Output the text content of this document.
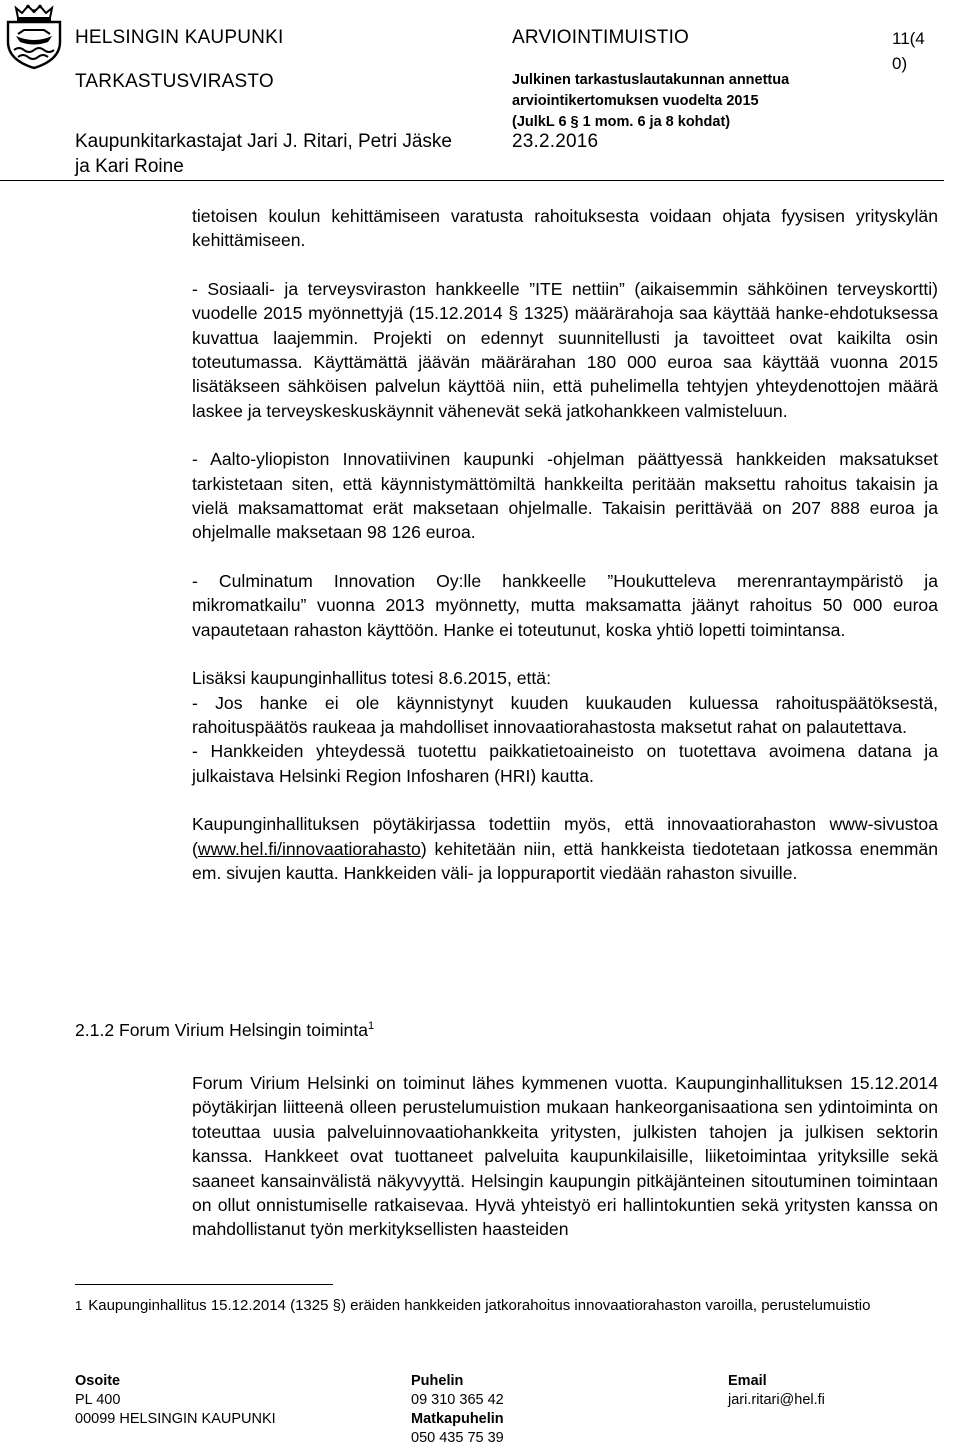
HELSINGIN KAUPUNKI
TARKASTUSVIRASTO
Kaupunkitarkastajat Jari J. Ritari, Petri Jäske ja Kari Roine
ARVIOINTIMUISTIO
Julkinen tarkastuslautakunnan annettua
arviointikertomuksen vuodelta 2015
(JulkL 6 § 1 mom. 6 ja 8 kohdat)
23.2.2016
11(40)

tietoisen koulun kehittämiseen varatusta rahoituksesta voidaan ohjata fyysisen yrityskylän kehittämiseen.

- Sosiaali- ja terveysviraston hankkeelle ”ITE nettiin” (aikaisemmin sähköinen terveyskortti) vuodelle 2015 myönnettyjä (15.12.2014 § 1325) määrärahoja saa käyttää hanke-ehdotuksessa kuvattua laajemmin. Projekti on edennyt suunnitellusti ja tavoitteet ovat kaikilta osin toteutumassa. Käyttämättä jäävän määrärahan 180 000 euroa saa käyttää vuonna 2015 lisätäkseen sähköisen palvelun käyttöä niin, että puhelimella tehtyjen yhteydenottojen määrä laskee ja terveyskeskuskäynnit vähenevät sekä jatkohankkeen valmisteluun.

- Aalto-yliopiston Innovatiivinen kaupunki -ohjelman päättyessä hankkeiden maksatukset tarkistetaan siten, että käynnistymättömiltä hankkeilta peritään maksettu rahoitus takaisin ja vielä maksamattomat erät maksetaan ohjelmalle. Takaisin perittävää on 207 888 euroa ja ohjelmalle maksetaan 98 126 euroa.

- Culminatum Innovation Oy:lle hankkeelle ”Houkutteleva merenrantaympäristö ja mikromatkailu” vuonna 2013 myönnetty, mutta maksamatta jäänyt rahoitus 50 000 euroa vapautetaan rahaston käyttöön. Hanke ei toteutunut, koska yhtiö lopetti toimintansa.

Lisäksi kaupunginhallitus totesi 8.6.2015, että:

- Jos hanke ei ole käynnistynyt kuuden kuukauden kuluessa rahoituspäätöksestä, rahoituspäätös raukeaa ja mahdolliset innovaatiorahastosta maksetut rahat on palautettava.

- Hankkeiden yhteydessä tuotettu paikkatietoaineisto on tuotettava avoimena datana ja julkaistava Helsinki Region Infosharen (HRI) kautta.

Kaupunginhallituksen pöytäkirjassa todettiin myös, että innovaatiorahaston www-sivustoa (www.hel.fi/innovaatiorahasto) kehitetään niin, että hankkeista tiedotetaan jatkossa enemmän em. sivujen kautta. Hankkeiden väli- ja loppuraportit viedään rahaston sivuille.

2.1.2 Forum Virium Helsingin toiminta$^1$

Forum Virium Helsinki on toiminut lähes kymmenen vuotta. Kaupunginhallituksen 15.12.2014 pöytäkirjan liitteenä olleen perustelumuistion mukaan hankeorganisaationa sen ydintoiminta on toteuttaa uusia palveluinnovaatiohankkeita yritysten, julkisten tahojen ja julkisen sektorin kanssa. Hankkeet ovat tuottaneet palveluita kaupunkilaisille, liiketoimintaa yrityksille sekä saaneet kansainvälistä näkyvyyttä. Helsingin kaupungin pitkäjänteinen sitoutuminen toimintaan on ollut onnistumiselle ratkaisevaa. Hyvä yhteistyö eri hallintokuntien sekä yritysten kanssa on mahdollistanut työn merkityksellisten haasteiden

1 Kaupunginhallitus 15.12.2014 (1325 §) eräiden hankkeiden jatkorahoitus innovaatiorahaston varoilla, perustelumuistio
Osoite
PL 400
00099 HELSINGIN KAUPUNKI
Puhelin
09 310 365 42
Matkapuhelin
050 435 75 39
Email
jari.ritari@hel.fi
